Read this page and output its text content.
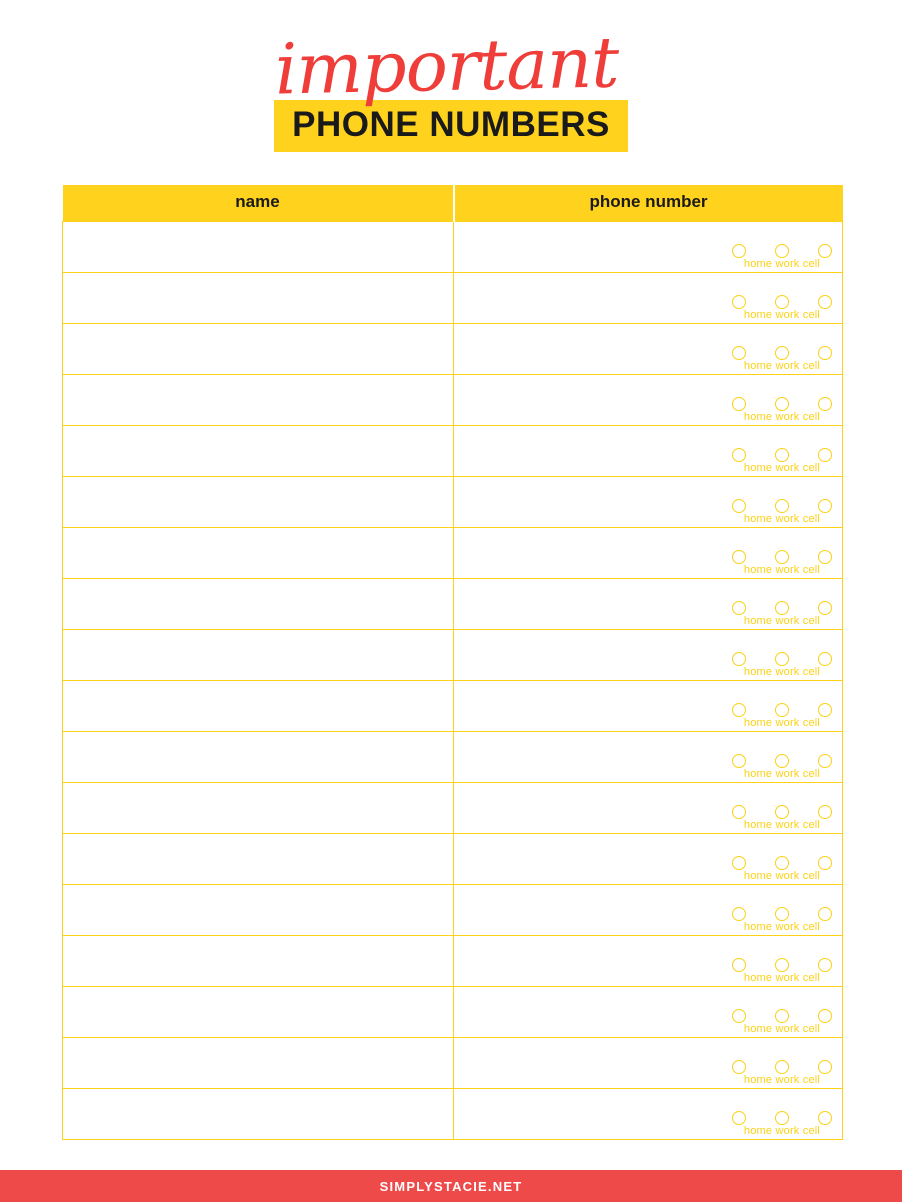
important
PHONE NUMBERS
name	phone number

	home work cell

	home work cell

	home work cell

	home work cell

	home work cell

	home work cell

	home work cell

	home work cell

	home work cell

	home work cell

	home work cell

	home work cell

	home work cell

	home work cell

	home work cell

	home work cell

	home work cell

	home work cell
SIMPLYSTACIE.NET
